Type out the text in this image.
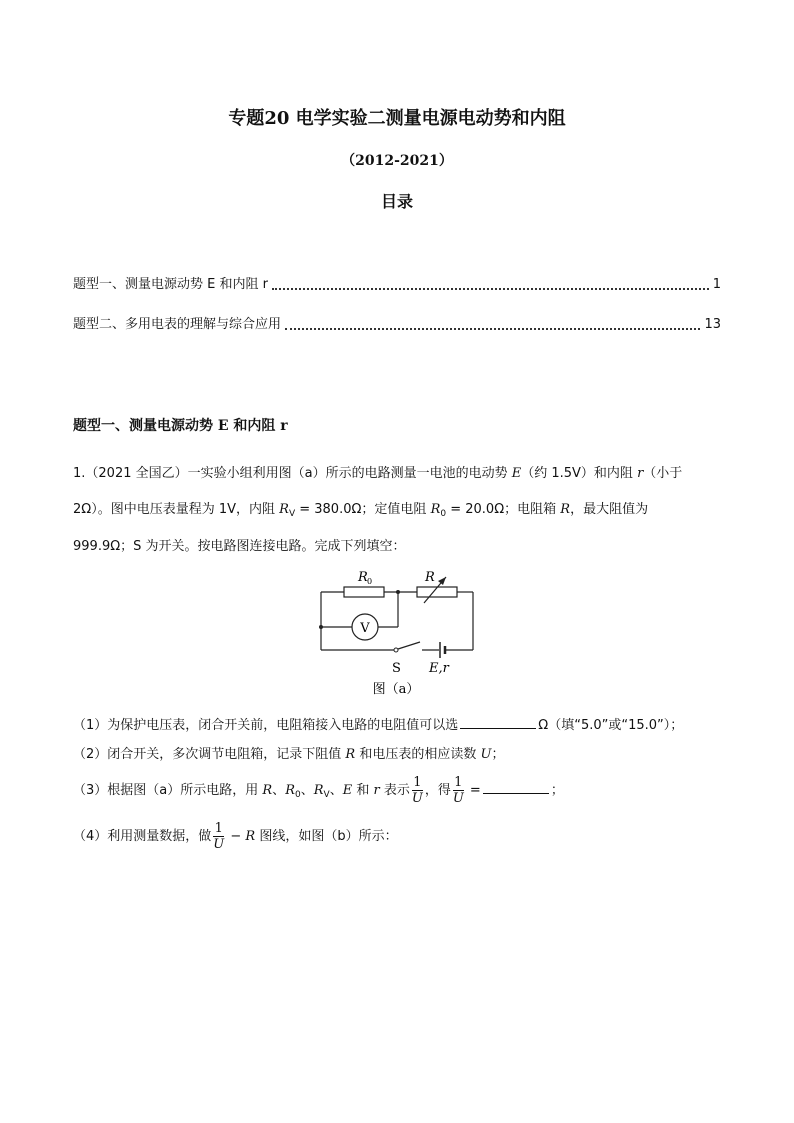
专题20 电学实验二测量电源电动势和内阻
（2012-2021）
目录
题型一、测量电源动势 E 和内阻 r	1
题型二、多用电表的理解与综合应用	13
题型一、测量电源动势 E 和内阻 r
1.（2021 全国乙）一实验小组利用图（a）所示的电路测量一电池的电动势 E（约 1.5V）和内阻 r（小于
2Ω）。图中电压表量程为 1V，内阻 $R_V = 380.0\Omega$；定值电阻 $R_0 = 20.0\Omega$；电阻箱 R，最大阻值为
999.9Ω；S 为开关。按电路图连接电路。完成下列填空：
V
R 0	R
S E,r
图（a）
（1）为保护电压表，闭合开关前，电阻箱接入电路的电阻值可以选	Ω（填“5.0”或“15.0”）；
（2）闭合开关，多次调节电阻箱，记录下阻值 R 和电压表的相应读数 U；
（3）根据图（a）所示电路，用 R、$R_0$、$R_V$、E 和 r 表示 $\frac{1}{U}$ ，得 $\frac{1}{U}$ =	；
（4）利用测量数据，做 $\frac{1}{U} - R$ 图线，如图（b）所示：
